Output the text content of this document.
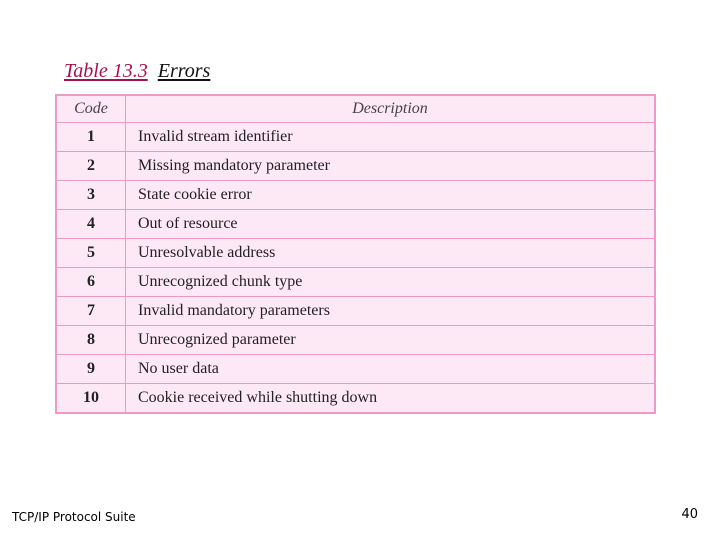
Table 13.3 Errors
Code	Description
1	Invalid stream identifier
2	Missing mandatory parameter
3	State cookie error
4	Out of resource
5	Unresolvable address
6	Unrecognized chunk type
7	Invalid mandatory parameters
8	Unrecognized parameter
9	No user data
10	Cookie received while shutting down
TCP/IP Protocol Suite	40
